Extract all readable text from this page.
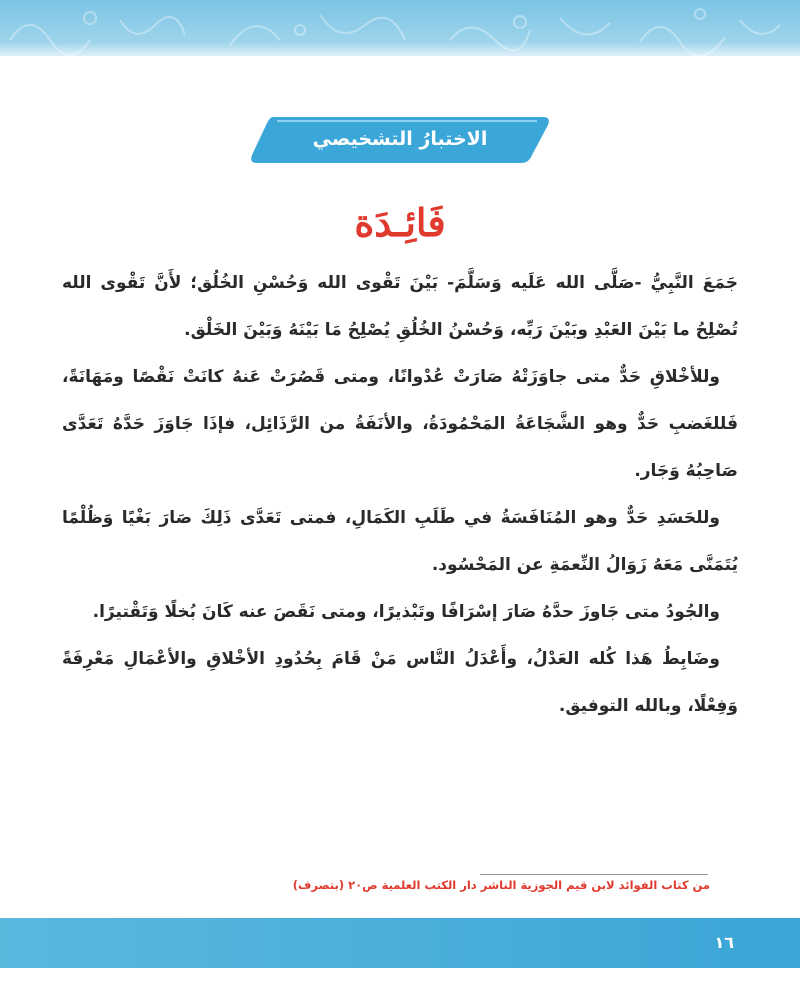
الاختبارُ التشخيصي
فَائِـدَة

جَمَعَ النَّبِيُّ -صَلَّى الله عَلَيه وَسَلَّمَ- بَيْنَ تَقْوى الله وَحُسْنِ الخُلُق؛ لأَنَّ تَقْوى الله تُصْلِحُ ما بَيْنَ العَبْدِ وبَيْنَ رَبِّه، وَحُسْنُ الخُلُقِ يُصْلِحُ مَا بَيْنَهُ وَبَيْنَ الخَلْق.

وللأخْلاقِ حَدٌّ متى جاوَزَتْهُ صَارَتْ عُدْوانًا، ومتى قَصُرَتْ عَنهُ كانَتْ نَقْصًا ومَهَانَةً، فَللغَضبِ حَدٌّ وهو الشَّجَاعَةُ المَحْمُودَةُ، والأنَفَةُ من الرَّذَائِل، فإذَا جَاوَزَ حَدَّهُ تَعَدَّى صَاحِبُهُ وَجَار.

وللحَسَدِ حَدٌّ وهو المُنَافَسَةُ في طَلَبِ الكَمَالِ، فمتى تَعَدَّى ذَلِكَ صَارَ بَغْيًا وَظُلْمًا يُتَمَنَّى مَعَهُ زَوَالُ النِّعمَةِ عن المَحْسُود.

والجُودُ متى جَاوزَ حدَّهُ صَارَ إسْرَافًا وتَبْذيرًا، ومتى نَقَصَ عنه كَانَ بُخلًا وَتَقْتيرًا.

وضَابِطُ هَذا كُله العَدْلُ، وأَعْدَلُ النَّاس مَنْ قَامَ بِحُدُودِ الأخْلاقِ والأعْمَالِ مَعْرِفَةً وَفِعْلًا، وبالله التوفيق.

من كتاب الفوائد لابن قيم الجوزية الناشر دار الكتب العلمية ص٢٠ (بتصرف)
١٦
